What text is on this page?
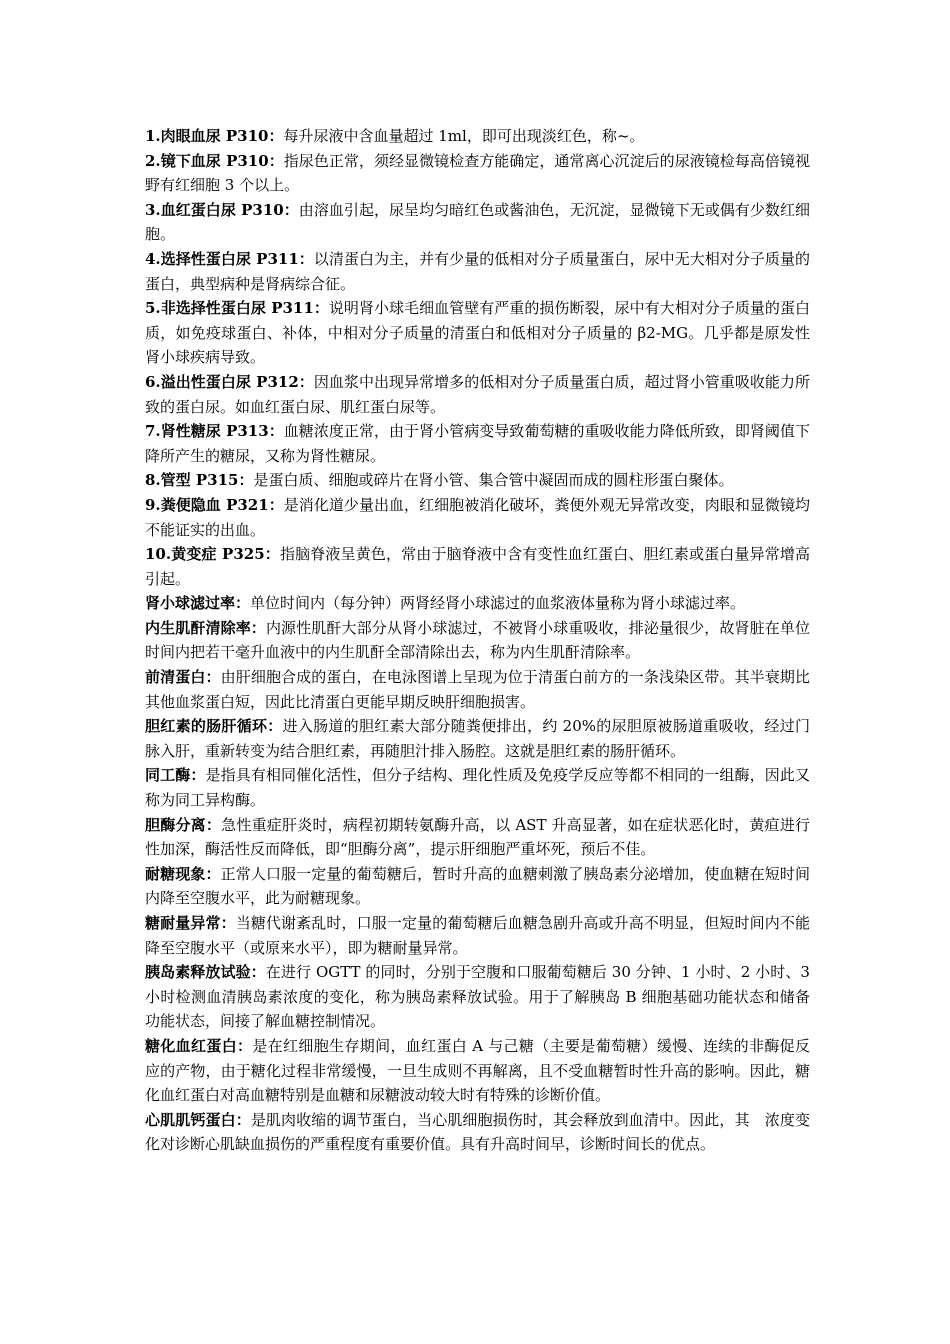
1.肉眼血尿 P310：每升尿液中含血量超过 1ml，即可出现淡红色，称~。

2.镜下血尿 P310：指尿色正常，须经显微镜检查方能确定，通常离心沉淀后的尿液镜检每高倍镜视野有红细胞 3 个以上。

3.血红蛋白尿 P310：由溶血引起，尿呈均匀暗红色或酱油色，无沉淀，显微镜下无或偶有少数红细胞。

4.选择性蛋白尿 P311：以清蛋白为主，并有少量的低相对分子质量蛋白，尿中无大相对分子质量的蛋白，典型病种是肾病综合征。

5.非选择性蛋白尿 P311：说明肾小球毛细血管壁有严重的损伤断裂，尿中有大相对分子质量的蛋白质，如免疫球蛋白、补体，中相对分子质量的清蛋白和低相对分子质量的 β2-MG。几乎都是原发性肾小球疾病导致。

6.溢出性蛋白尿 P312：因血浆中出现异常增多的低相对分子质量蛋白质，超过肾小管重吸收能力所致的蛋白尿。如血红蛋白尿、肌红蛋白尿等。

7.肾性糖尿 P313：血糖浓度正常，由于肾小管病变导致葡萄糖的重吸收能力降低所致，即肾阈值下降所产生的糖尿，又称为肾性糖尿。

8.管型 P315：是蛋白质、细胞或碎片在肾小管、集合管中凝固而成的圆柱形蛋白聚体。

9.粪便隐血 P321：是消化道少量出血，红细胞被消化破坏，粪便外观无异常改变，肉眼和显微镜均不能证实的出血。

10.黄变症 P325：指脑脊液呈黄色，常由于脑脊液中含有变性血红蛋白、胆红素或蛋白量异常增高引起。

肾小球滤过率：单位时间内（每分钟）两肾经肾小球滤过的血浆液体量称为肾小球滤过率。

内生肌酐清除率：内源性肌酐大部分从肾小球滤过，不被肾小球重吸收，排泌量很少，故肾脏在单位时间内把若干毫升血液中的内生肌酐全部清除出去，称为内生肌酐清除率。

前清蛋白：由肝细胞合成的蛋白，在电泳图谱上呈现为位于清蛋白前方的一条浅染区带。其半衰期比其他血浆蛋白短，因此比清蛋白更能早期反映肝细胞损害。

胆红素的肠肝循环：进入肠道的胆红素大部分随粪便排出，约 20%的尿胆原被肠道重吸收，经过门脉入肝，重新转变为结合胆红素，再随胆汁排入肠腔。这就是胆红素的肠肝循环。

同工酶：是指具有相同催化活性，但分子结构、理化性质及免疫学反应等都不相同的一组酶，因此又称为同工异构酶。

胆酶分离：急性重症肝炎时，病程初期转氨酶升高，以 AST 升高显著，如在症状恶化时，黄疸进行性加深，酶活性反而降低，即“胆酶分离”，提示肝细胞严重坏死，预后不佳。

耐糖现象：正常人口服一定量的葡萄糖后，暂时升高的血糖刺激了胰岛素分泌增加，使血糖在短时间内降至空腹水平，此为耐糖现象。

糖耐量异常：当糖代谢紊乱时，口服一定量的葡萄糖后血糖急剧升高或升高不明显，但短时间内不能降至空腹水平（或原来水平），即为糖耐量异常。

胰岛素释放试验：在进行 OGTT 的同时，分别于空腹和口服葡萄糖后 30 分钟、1 小时、2 小时、3 小时检测血清胰岛素浓度的变化，称为胰岛素释放试验。用于了解胰岛 B 细胞基础功能状态和储备功能状态，间接了解血糖控制情况。

糖化血红蛋白：是在红细胞生存期间，血红蛋白 A 与己糖（主要是葡萄糖）缓慢、连续的非酶促反应的产物，由于糖化过程非常缓慢，一旦生成则不再解离，且不受血糖暂时性升高的影响。因此，糖化血红蛋白对高血糖特别是血糖和尿糖波动较大时有特殊的诊断价值。

心肌肌钙蛋白：是肌肉收缩的调节蛋白，当心肌细胞损伤时，其会释放到血清中。因此，其　浓度变化对诊断心肌缺血损伤的严重程度有重要价值。具有升高时间早，诊断时间长的优点。
